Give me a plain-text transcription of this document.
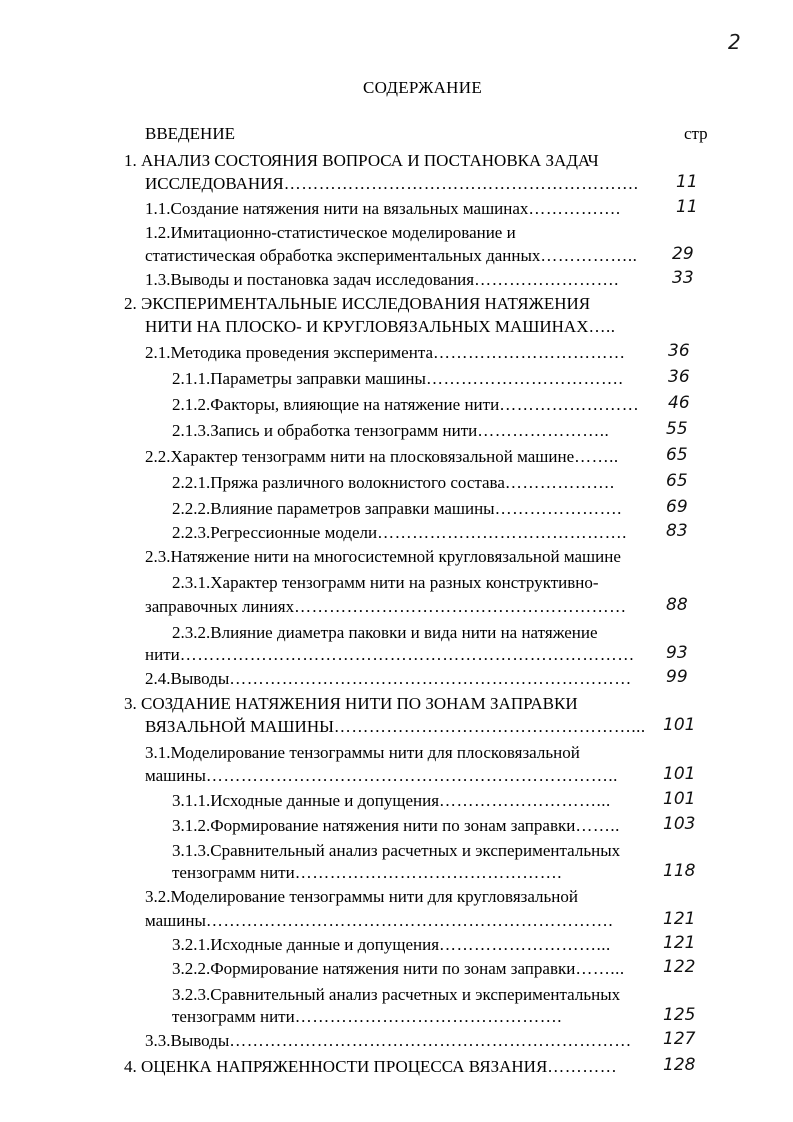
2
СОДЕРЖАНИЕ
ВВЕДЕНИЕ	стр
1. АНАЛИЗ СОСТОЯНИЯ ВОПРОСА И ПОСТАНОВКА ЗАДАЧ
ИССЛЕДОВАНИЯ……………………………………………………. 11
1.1.Создание натяжения нити на вязальных машинах…………….	11
1.2.Имитационно-статистическое моделирование и
статистическая обработка экспериментальных данных…………….. 29
1.3.Выводы и постановка задач исследования…………………….	33
2. ЭКСПЕРИМЕНТАЛЬНЫЕ ИССЛЕДОВАНИЯ НАТЯЖЕНИЯ
НИТИ НА ПЛОСКО- И КРУГЛОВЯЗАЛЬНЫХ МАШИНАХ…..
2.1.Методика проведения эксперимента…………………………… 36
2.1.1.Параметры заправки машины…………………………….	36
2.1.2.Факторы, влияющие на натяжение нити…………………… 46
2.1.3.Запись и обработка тензограмм нити…………………..	55
2.2.Характер тензограмм нити на плосковязальной машине……..	65
2.2.1.Пряжа различного волокнистого состава……………….	65
2.2.2.Влияние параметров заправки машины………………….	69
2.2.3.Регрессионные модели……………………………………. 83
2.3.Натяжение нити на многосистемной кругловязальной машине
2.3.1.Характер тензограмм нити на разных конструктивно-
заправочных линиях………………………………………………… 88
2.3.2.Влияние диаметра паковки и вида нити на натяжение
нити…………………………………………………………………… 93
2.4.Выводы…………………………………………………………… 99
3. СОЗДАНИЕ НАТЯЖЕНИЯ НИТИ ПО ЗОНАМ ЗАПРАВКИ
ВЯЗАЛЬНОЙ МАШИНЫ……………………………………………... 101
3.1.Моделирование тензограммы нити для плосковязальной
машины……………………………………………………………..	101
3.1.1.Исходные данные и допущения………………………...	101
3.1.2.Формирование натяжения нити по зонам заправки……..	103
3.1.3.Сравнительный анализ расчетных и экспериментальных
тензограмм нити……………………………………….	118
3.2.Моделирование тензограммы нити для кругловязальной
машины…………………………………………………………….	121
3.2.1.Исходные данные и допущения………………………...	121
3.2.2.Формирование натяжения нити по зонам заправки……... 122
3.2.3.Сравнительный анализ расчетных и экспериментальных
тензограмм нити……………………………………….	125
3.3.Выводы…………………………………………………………… 127
4. ОЦЕНКА НАПРЯЖЕННОСТИ ПРОЦЕССА ВЯЗАНИЯ…………	128
